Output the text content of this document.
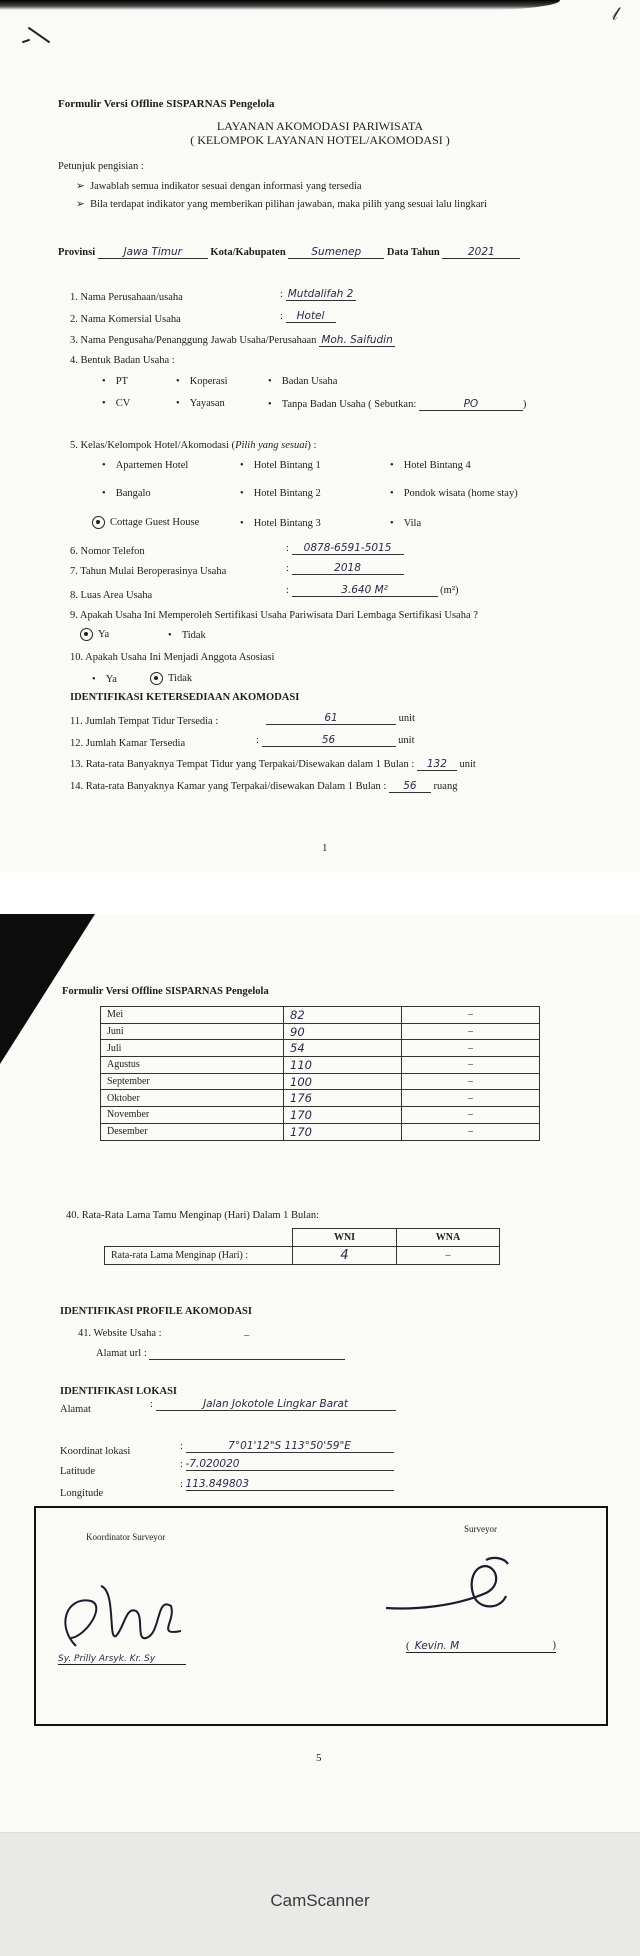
𝓁
Formulir Versi Offline SISPARNAS Pengelola
LAYANAN AKOMODASI PARIWISATA
( KELOMPOK LAYANAN HOTEL/AKOMODASI )
Petunjuk pengisian :
➢  Jawablah semua indikator sesuai dengan informasi yang tersedia
➢  Bila terdapat indikator yang memberikan pilihan jawaban, maka pilih yang sesuai lalu lingkari
Provinsi	Jawa Timur	Kota/Kabupaten Sumenep Data Tahun	2021
1. Nama Perusahaan/usaha	: Mutdalifah 2
2. Nama Komersial Usaha	: Hotel
3. Nama Pengusaha/Penanggung Jawab Usaha/Perusahaan Moh. Saifudin
4. Bentuk Badan Usaha :
• PT	• Koperasi	• Badan Usaha
• CV	• Yayasan	• Tanpa Badan Usaha ( Sebutkan:	PO	)
5. Kelas/Kelompok Hotel/Akomodasi (Pilih yang sesuai) :
• Apartemen Hotel	• Hotel Bintang 1	• Hotel Bintang 4
• Bangalo	• Hotel Bintang 2	• Pondok wisata (home stay)
Cottage Guest House	• Hotel Bintang 3	• Vila
6. Nomor Telefon	: 0878-6591-5015
7. Tahun Mulai Beroperasinya Usaha	:	2018
8. Luas Area Usaha	:	3.640 M²	(m²)
9. Apakah Usaha Ini Memperoleh Sertifikasi Usaha Pariwisata Dari Lembaga Sertifikasi Usaha ?
Ya	• Tidak
10. Apakah Usaha Ini Menjadi Anggota Asosiasi
• Ya	Tidak
IDENTIFIKASI KETERSEDIAAN AKOMODASI
11. Jumlah Tempat Tidur Tersedia :	61	unit
12. Jumlah Kamar Tersedia	:	56	unit
13. Rata-rata Banyaknya Tempat Tidur yang Terpakai/Disewakan dalam 1 Bulan : 132 unit
14. Rata-rata Banyaknya Kamar yang Terpakai/disewakan Dalam 1 Bulan : 56 ruang
1
Formulir Versi Offline SISPARNAS Pengelola
Mei	82	–
Juni	90	–
Juli	54	–
Agustus	110	–
September	100	–
Oktober	176	–
November	170	–
Desember	170	–
40. Rata-Rata Lama Tamu Menginap (Hari) Dalam 1 Bulan:
	WNI	WNA
Rata-rata Lama Menginap (Hari) :	4	–
IDENTIFIKASI PROFILE AKOMODASI
41. Website Usaha :	–
Alamat url :
IDENTIFIKASI LOKASI
Alamat	:	Jalan Jokotole Lingkar Barat
Koordinat lokasi	:	7°01'12"S 113°50'59"E
Latitude
: -7.020020
Longitude
: 113.849803
Koordinator Surveyor
Surveyor
Sy. Prilly Arsyk. Kr. Sy
(  Kevin. M	)
5
CamScanner
